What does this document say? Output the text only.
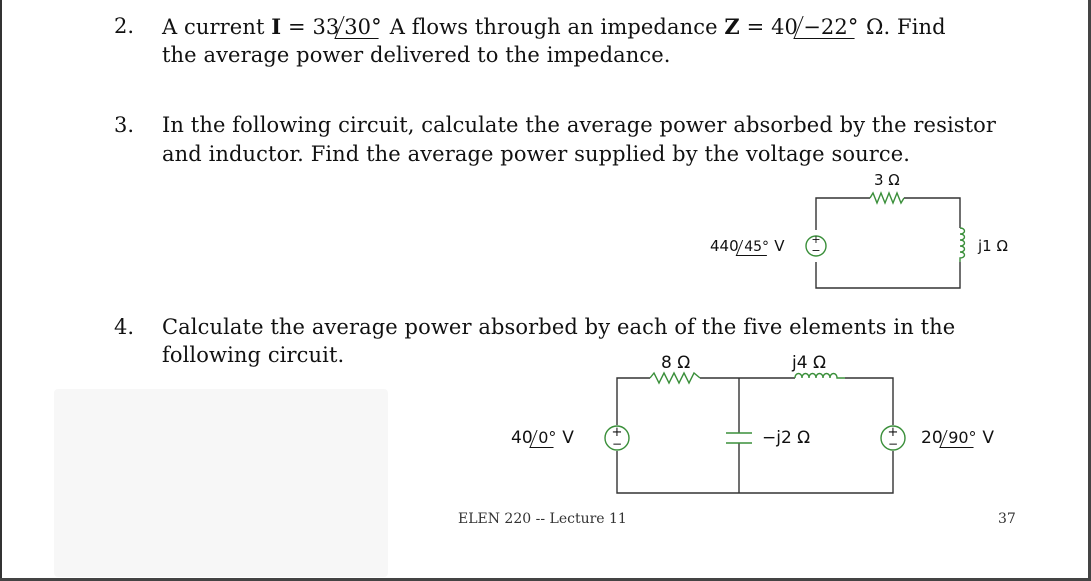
2. A current I = 33 30° A flows through an impedance Z = 40 −22° Ω. Find
the average power delivered to the impedance.
3. In the following circuit, calculate the average power absorbed by the resistor
and inductor. Find the average power supplied by the voltage source.
4. Calculate the average power absorbed by each of the five elements in the
following circuit.
+
−
+
−
+
−
440 45° V
3 Ω
j1 Ω
40 0° V
8 Ω	j4 Ω
−j2 Ω	20 90° V
ELEN 220 -- Lecture 11	37
